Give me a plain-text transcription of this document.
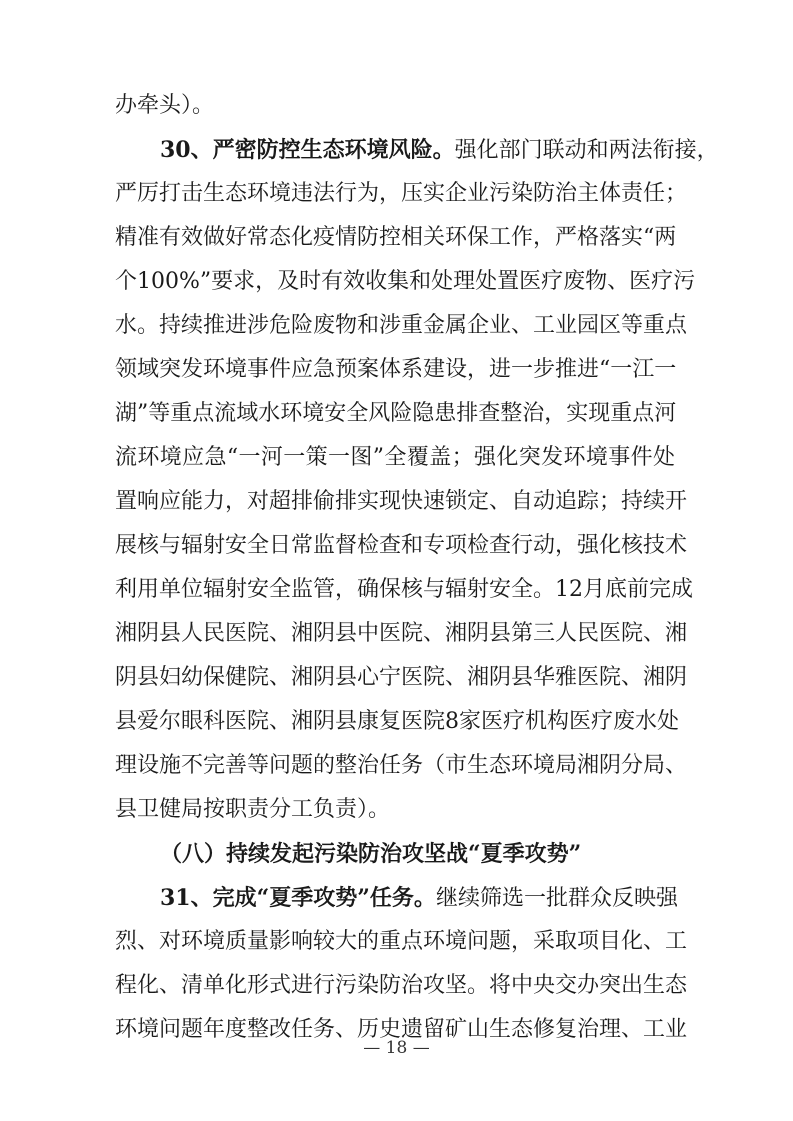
办牵头）。
30、严密防控生态环境风险。强化部门联动和两法衔接，
严厉打击生态环境违法行为，压实企业污染防治主体责任；
精准有效做好常态化疫情防控相关环保工作，严格落实“两
个100%”要求，及时有效收集和处理处置医疗废物、医疗污
水。持续推进涉危险废物和涉重金属企业、工业园区等重点
领域突发环境事件应急预案体系建设，进一步推进“一江一
湖”等重点流域水环境安全风险隐患排查整治，实现重点河
流环境应急“一河一策一图”全覆盖；强化突发环境事件处
置响应能力，对超排偷排实现快速锁定、自动追踪；持续开
展核与辐射安全日常监督检查和专项检查行动，强化核技术
利用单位辐射安全监管，确保核与辐射安全。12月底前完成
湘阴县人民医院、湘阴县中医院、湘阴县第三人民医院、湘
阴县妇幼保健院、湘阴县心宁医院、湘阴县华雅医院、湘阴
县爱尔眼科医院、湘阴县康复医院8家医疗机构医疗废水处
理设施不完善等问题的整治任务（市生态环境局湘阴分局、
县卫健局按职责分工负责）。
（八）持续发起污染防治攻坚战“夏季攻势”
31、完成“夏季攻势”任务。继续筛选一批群众反映强
— 18 —
烈、对环境质量影响较大的重点环境问题，采取项目化、工
程化、清单化形式进行污染防治攻坚。将中央交办突出生态
环境问题年度整改任务、历史遗留矿山生态修复治理、工业
